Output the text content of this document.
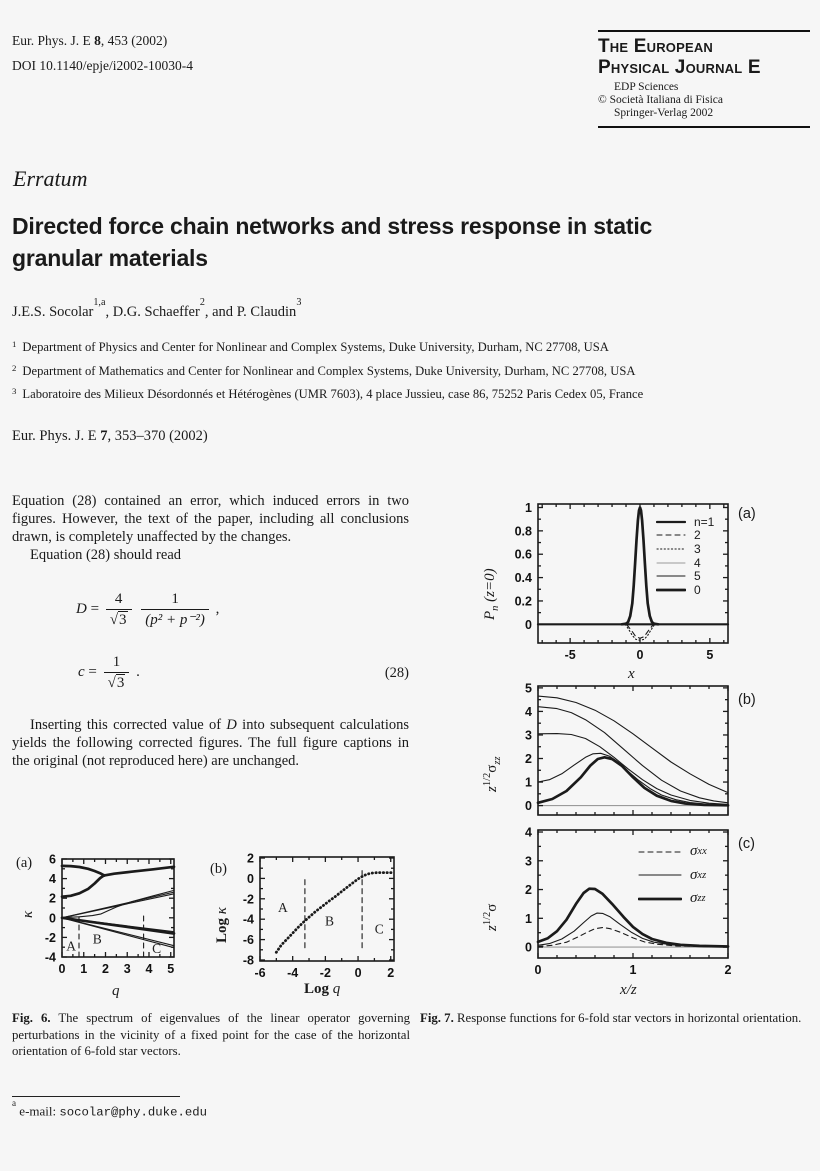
Eur. Phys. J. E 8, 453 (2002)
DOI 10.1140/epje/i2002-10030-4
The European
Physical Journal E
EDP Sciences
© Società Italiana di Fisica
Springer-Verlag 2002
Erratum
Directed force chain networks and stress response in static
granular materials
J.E.S. Socolar$^{1,a}$, D.G. Schaeffer$^2$, and P. Claudin$^3$
$^1$ Department of Physics and Center for Nonlinear and Complex Systems, Duke University, Durham, NC 27708, USA
$^2$ Department of Mathematics and Center for Nonlinear and Complex Systems, Duke University, Durham, NC 27708, USA
$^3$ Laboratoire des Milieux Désordonnés et Hétérogènes (UMR 7603), 4 place Jussieu, case 86, 75252 Paris Cedex 05, France
Eur. Phys. J. E 7, 353–370 (2002)
Equation (28) contained an error, which induced errors in two figures. However, the text of the paper, including all conclusions drawn, is completely unaffected by the changes.
Equation (28) should read
$D = \frac{4}{√3}$
$\frac{1}{\text{(p² + p⁻²)}}$ ,
$c = \frac{1}{√3}$ .	(28)
Inserting this corrected value of D into subsequent calculations yields the following corrected figures. The full figure captions in the original (not reproduced here) are unchanged.
0 1 2 3 4 5
-4
-2
0
2
4
6
A B
C
(a)
κ
q
-6 -4 -2 0 2
2
0
-2
-4
-6
-8
A
B
C
(b)
Log κ
Log q
-5	0	5
0
0.2
0.4
0.6
0.8
1	(a)
$P_n$ (z=0)
x
n=1
2
3
4
5
0
0
1
2
3
4
5
(b)
$z^{1/2}\sigma_{zz}$
0	1	2
0
1
2
3
4
(c)
$z^{1/2}\sigma$
x/z
σ xx
σ xz
σ zz
Fig. 6. The spectrum of eigenvalues of the linear operator governing perturbations in the vicinity of a fixed point for the case of the horizontal orientation of 6-fold star vectors.
Fig. 7. Response functions for 6-fold star vectors in horizontal orientation.
$^a$ e-mail: socolar@phy.duke.edu
